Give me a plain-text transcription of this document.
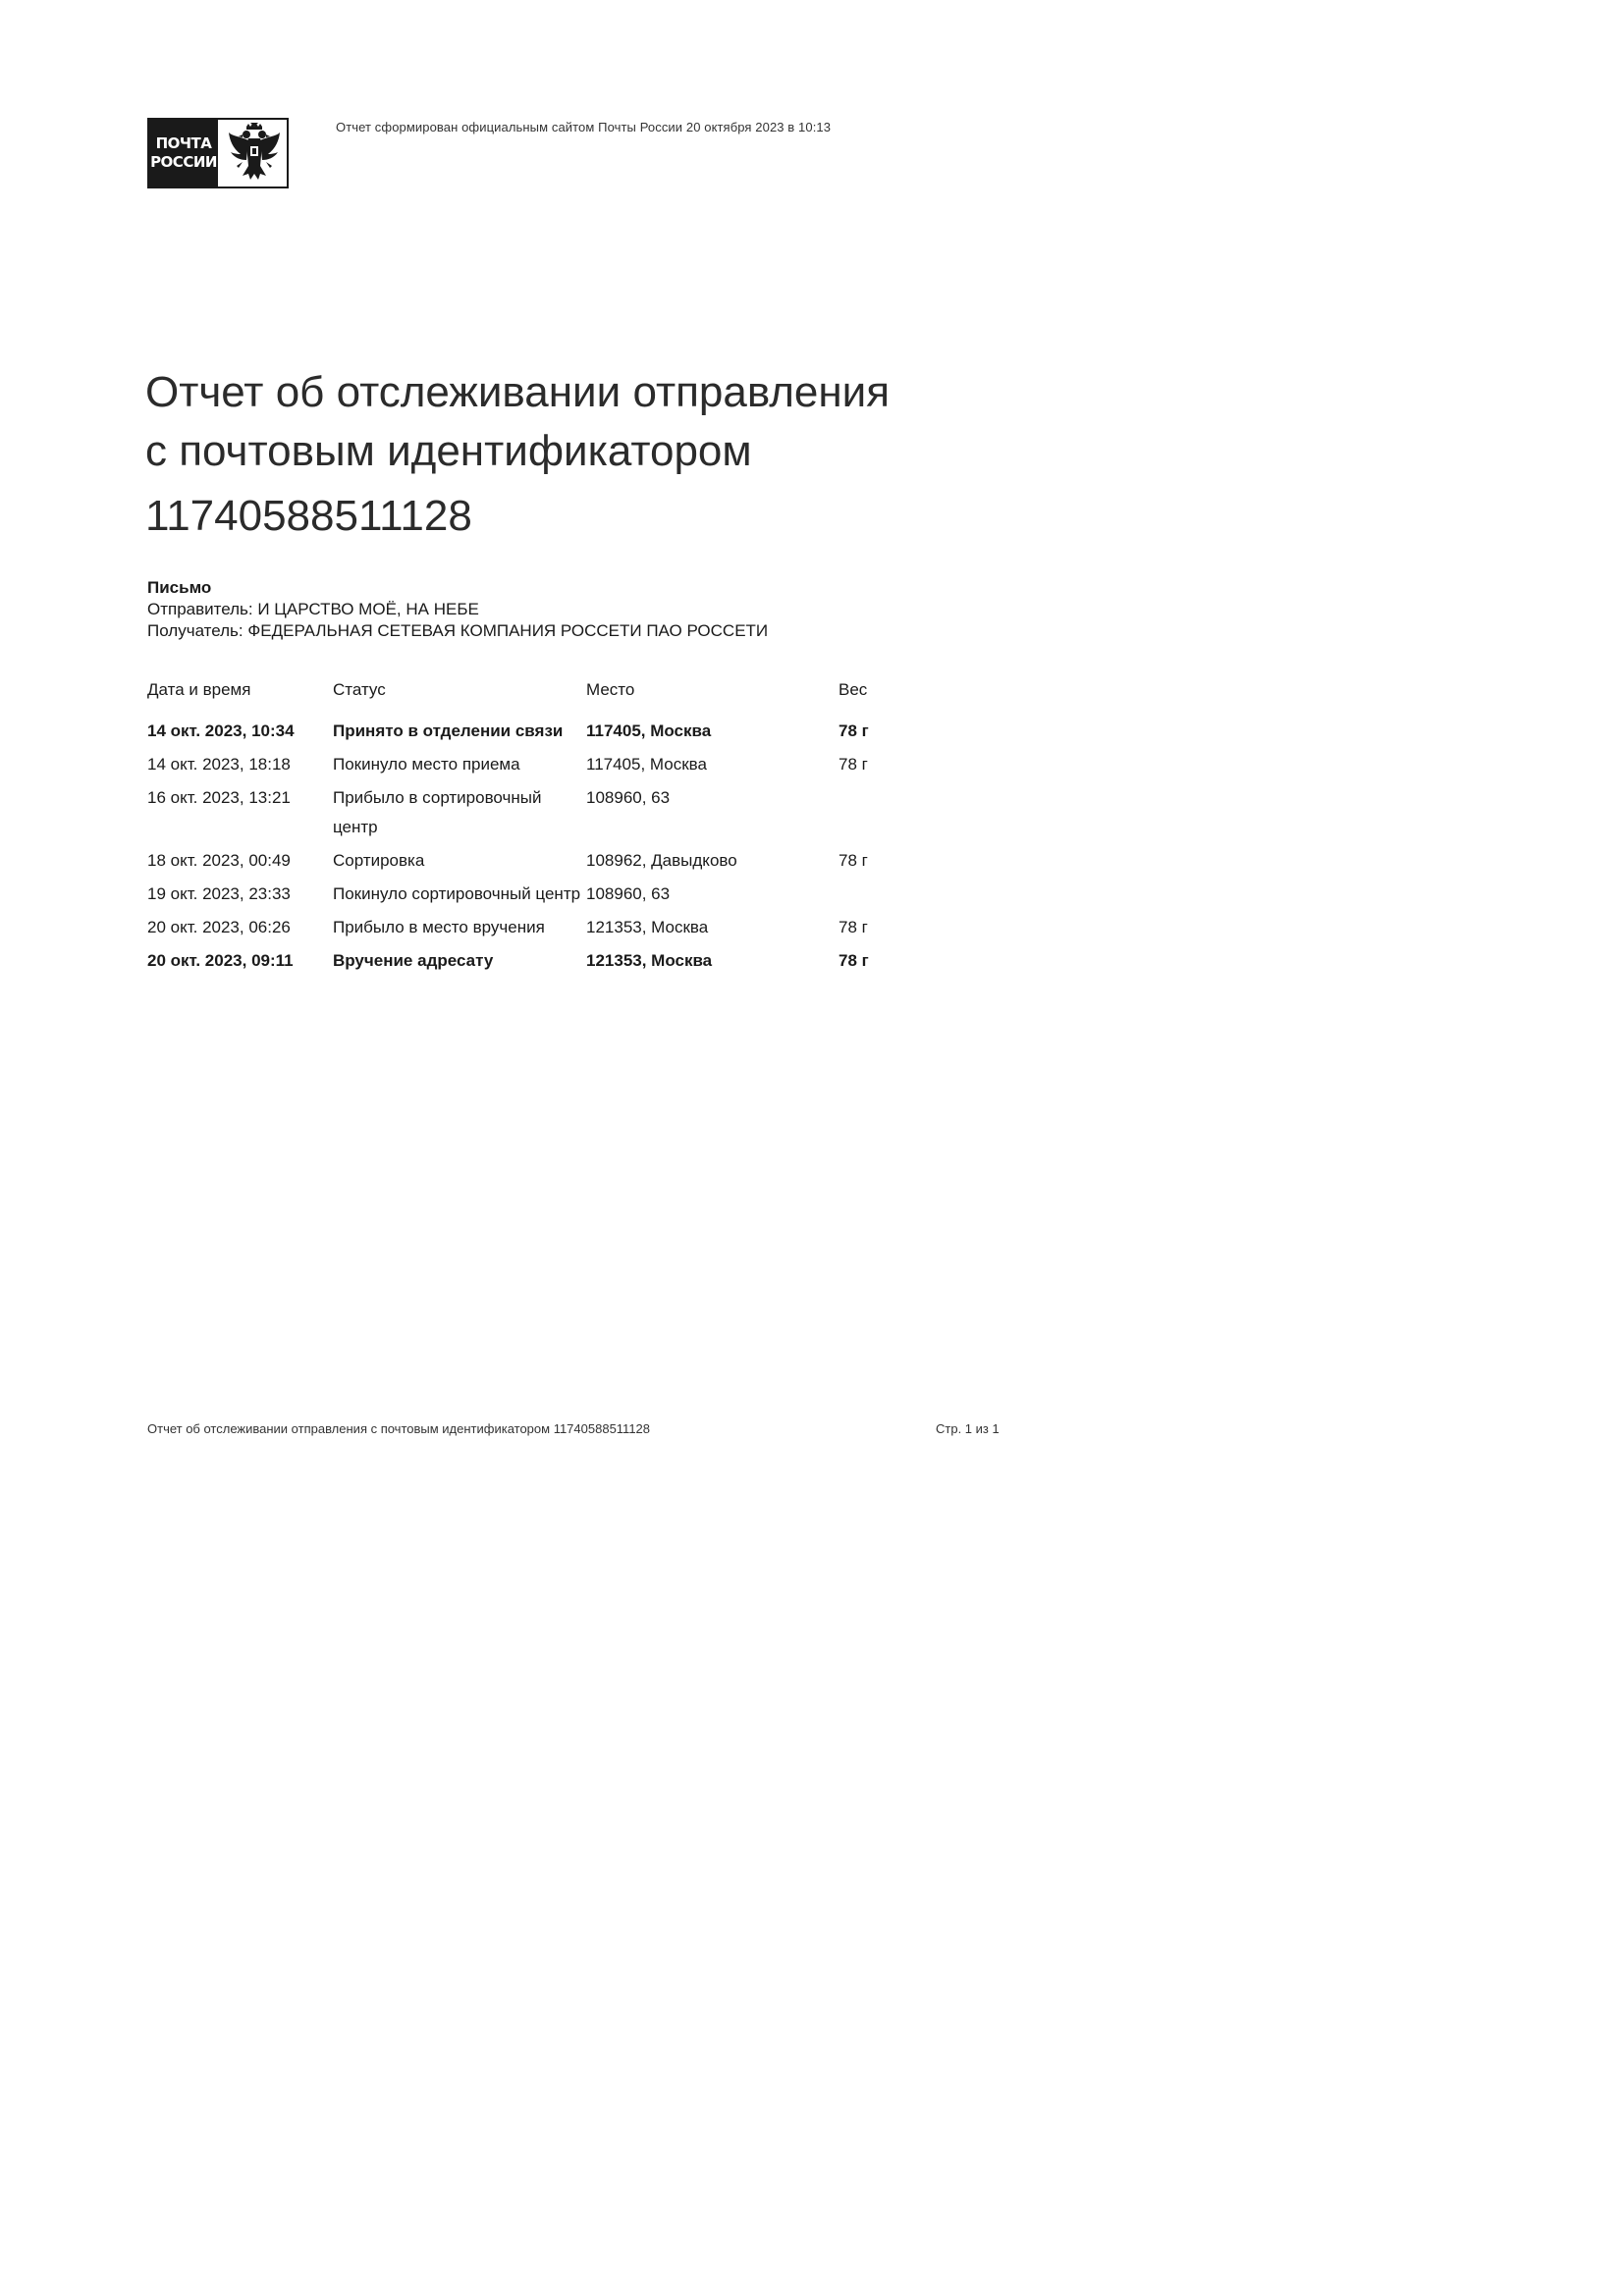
ПОЧТА
РОССИИ
Отчет сформирован официальным сайтом Почты России 20 октября 2023 в 10:13
Отчет об отслеживании отправления
с почтовым идентификатором
11740588511128
Письмо
Отправитель: И ЦАРСТВО МОЁ, НА НЕБЕ
Получатель: ФЕДЕРАЛЬНАЯ СЕТЕВАЯ КОМПАНИЯ РОССЕТИ ПАО РОССЕТИ
Дата и время	Статус	Место	Вес
14 окт. 2023, 10:34	Принято в отделении связи	117405, Москва	78 г
14 окт. 2023, 18:18	Покинуло место приема	117405, Москва	78 г
16 окт. 2023, 13:21	Прибыло в сортировочный центр	108960, 63	
18 окт. 2023, 00:49	Сортировка	108962, Давыдково	78 г
19 окт. 2023, 23:33	Покинуло сортировочный центр	108960, 63	
20 окт. 2023, 06:26	Прибыло в место вручения	121353, Москва	78 г
20 окт. 2023, 09:11	Вручение адресату	121353, Москва	78 г
Отчет об отслеживании отправления с почтовым идентификатором 11740588511128	Стр. 1 из 1
